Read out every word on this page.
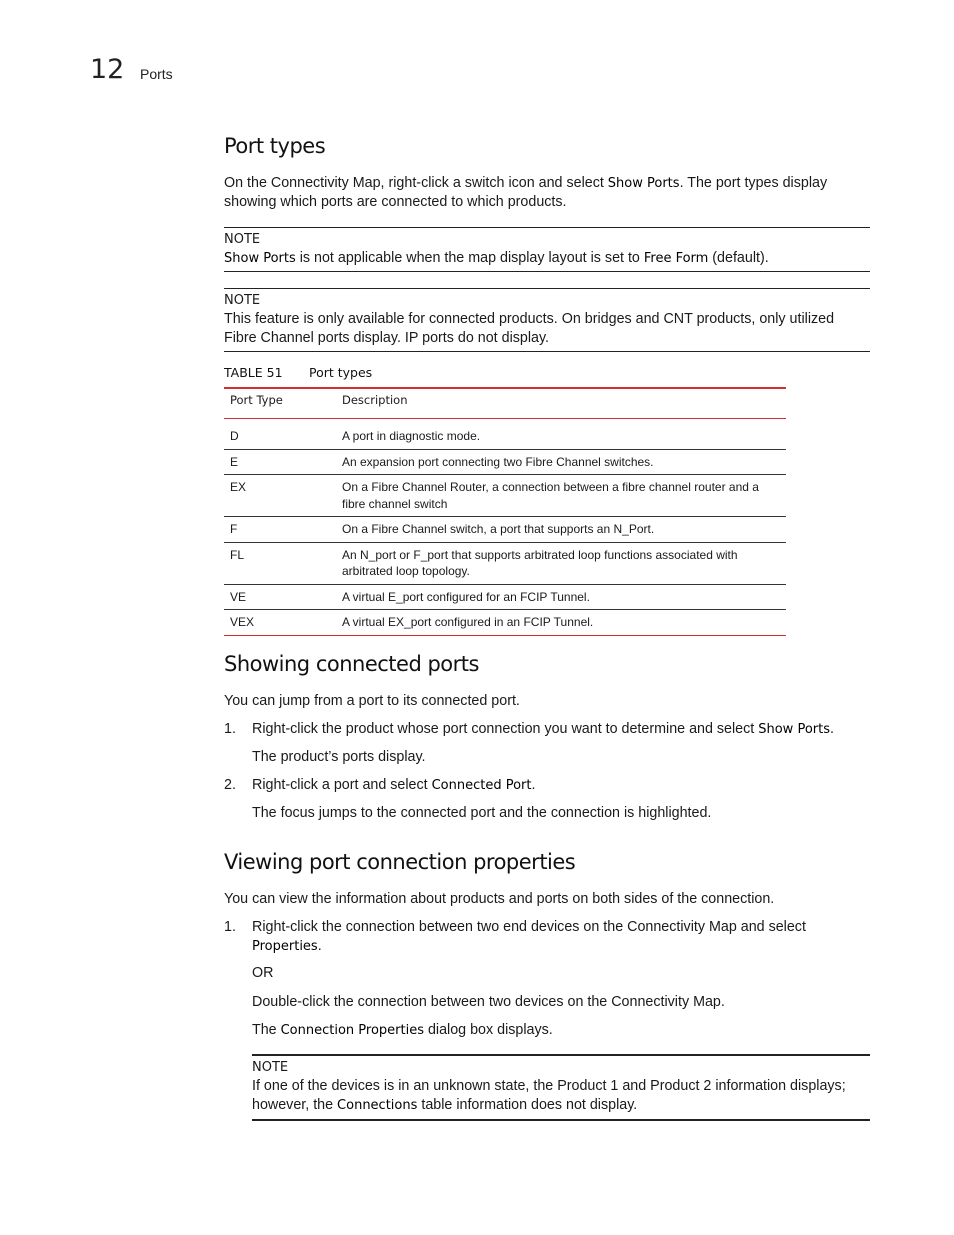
12 Ports
Port types
On the Connectivity Map, right-click a switch icon and select Show Ports. The port types display showing which ports are connected to which products.
NOTE
Show Ports is not applicable when the map display layout is set to Free Form (default).
NOTE
This feature is only available for connected products. On bridges and CNT products, only utilized Fibre Channel ports display. IP ports do not display.
TABLE 51 Port types
Port Type	Description
D	A port in diagnostic mode.
E	An expansion port connecting two Fibre Channel switches.
EX	On a Fibre Channel Router, a connection between a fibre channel router and a fibre channel switch
F	On a Fibre Channel switch, a port that supports an N_Port.
FL	An N_port or F_port that supports arbitrated loop functions associated with arbitrated loop topology.
VE	A virtual E_port configured for an FCIP Tunnel.
VEX	A virtual EX_port configured in an FCIP Tunnel.
Showing connected ports
You can jump from a port to its connected port.
1. Right-click the product whose port connection you want to determine and select Show Ports.
The product’s ports display.
2. Right-click a port and select Connected Port.
The focus jumps to the connected port and the connection is highlighted.
Viewing port connection properties
You can view the information about products and ports on both sides of the connection.
1. Right-click the connection between two end devices on the Connectivity Map and select Properties.
OR
Double-click the connection between two devices on the Connectivity Map.
The Connection Properties dialog box displays.
NOTE
If one of the devices is in an unknown state, the Product 1 and Product 2 information displays; however, the Connections table information does not display.
